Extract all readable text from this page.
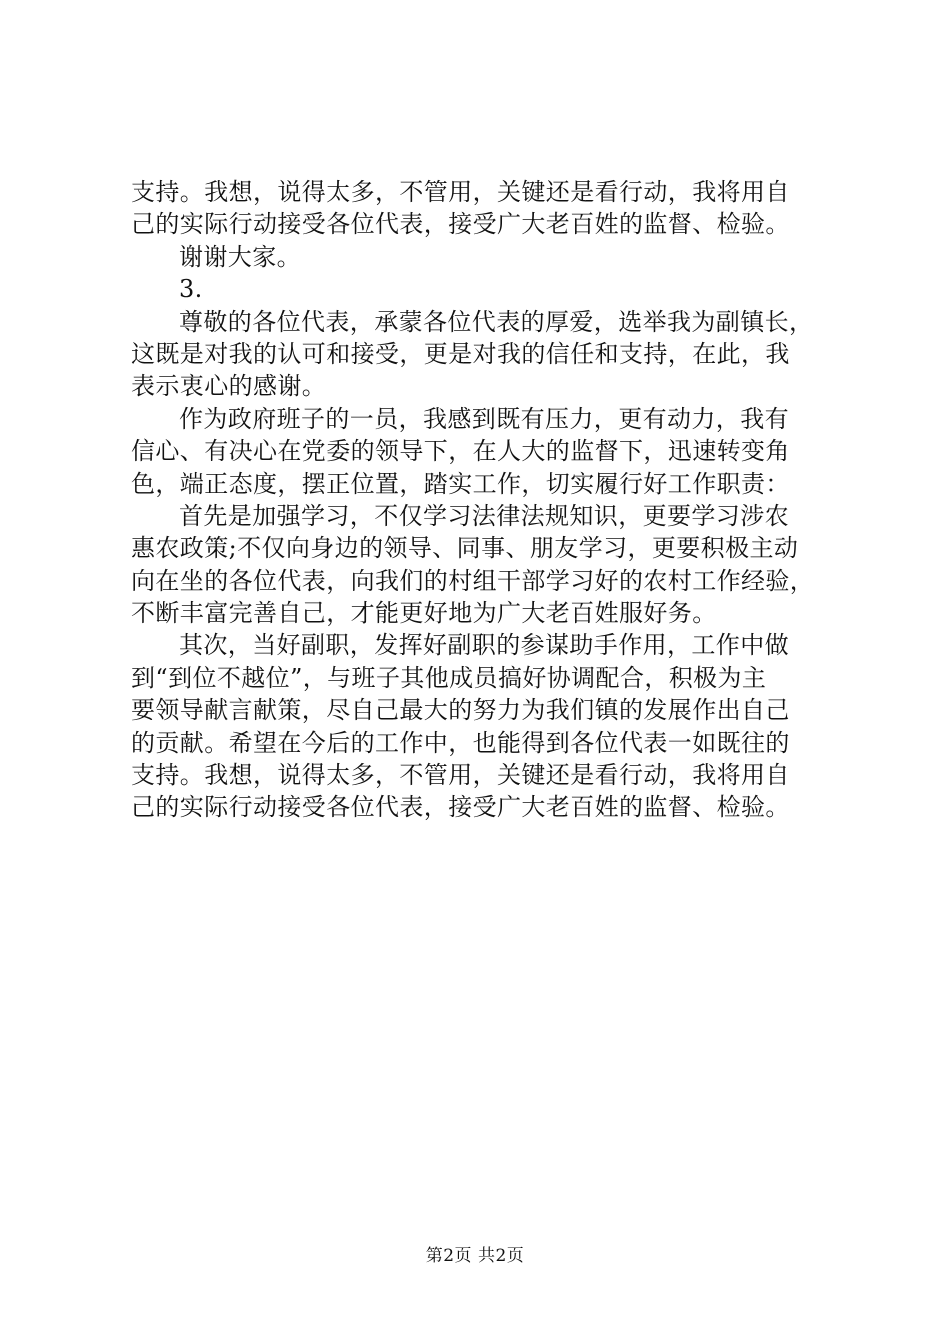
支持。我想，说得太多，不管用，关键还是看行动，我将用自
己的实际行动接受各位代表，接受广大老百姓的监督、检验。
谢谢大家。
3.
尊敬的各位代表，承蒙各位代表的厚爱，选举我为副镇长，
这既是对我的认可和接受，更是对我的信任和支持，在此，我
表示衷心的感谢。
作为政府班子的一员，我感到既有压力，更有动力，我有
信心、有决心在党委的领导下，在人大的监督下，迅速转变角
色，端正态度，摆正位置，踏实工作，切实履行好工作职责：
首先是加强学习，不仅学习法律法规知识，更要学习涉农
惠农政策;不仅向身边的领导、同事、朋友学习，更要积极主动
向在坐的各位代表，向我们的村组干部学习好的农村工作经验，
不断丰富完善自己，才能更好地为广大老百姓服好务。
其次，当好副职，发挥好副职的参谋助手作用，工作中做
到“到位不越位”，与班子其他成员搞好协调配合，积极为主
要领导献言献策，尽自己最大的努力为我们镇的发展作出自己
的贡献。希望在今后的工作中，也能得到各位代表一如既往的
支持。我想，说得太多，不管用，关键还是看行动，我将用自
己的实际行动接受各位代表，接受广大老百姓的监督、检验。
第2页 共2页
